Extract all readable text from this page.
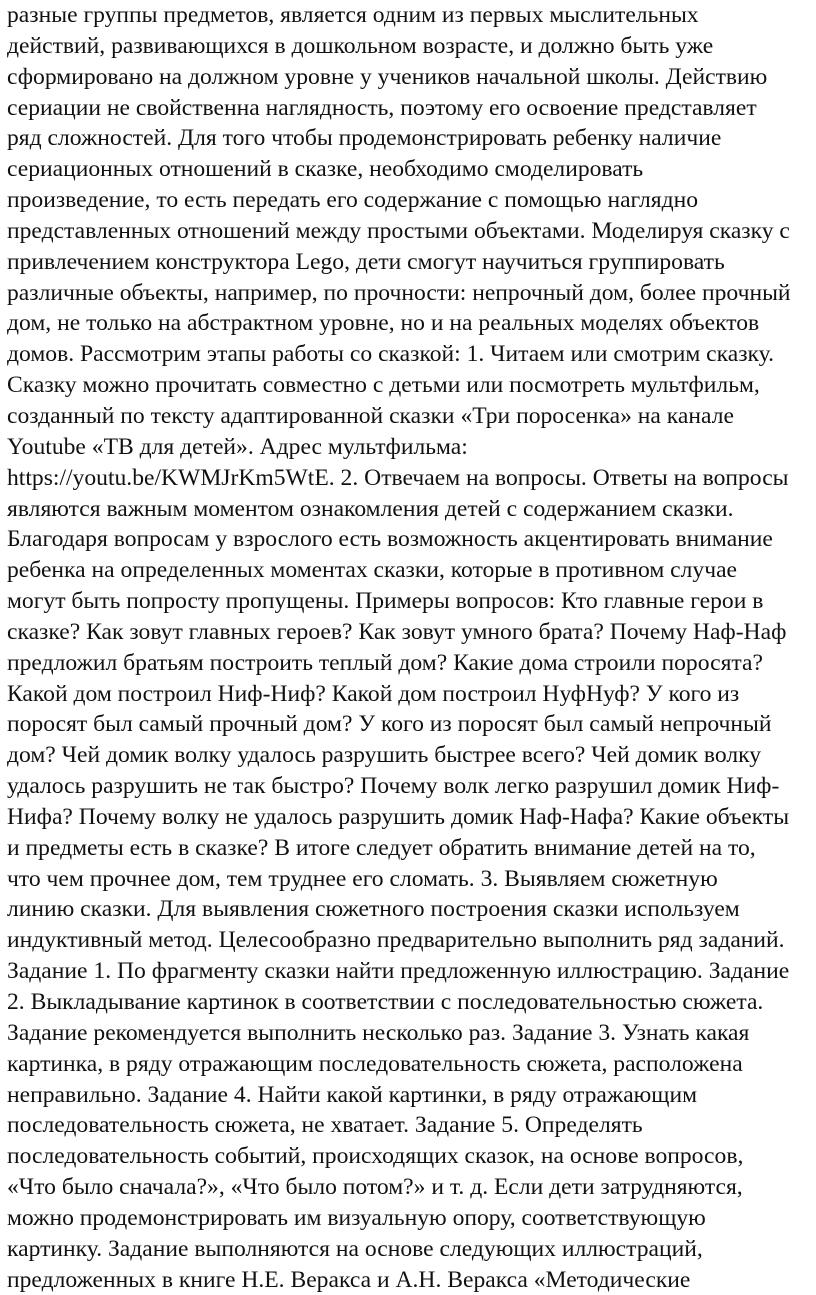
разные группы предметов, является одним из первых мыслительных
действий, развивающихся в дошкольном возрасте, и должно быть уже
сформировано на должном уровне у учеников начальной школы. Действию
сериации не свойственна наглядность, поэтому его освоение представляет
ряд сложностей. Для того чтобы продемонстрировать ребенку наличие
сериационных отношений в сказке, необходимо смоделировать
произведение, то есть передать его содержание с помощью наглядно
представленных отношений между простыми объектами. Моделируя сказку с
привлечением конструктора Lego, дети смогут научиться группировать
различные объекты, например, по прочности: непрочный дом, более прочный
дом, не только на абстрактном уровне, но и на реальных моделях объектов
домов. Рассмотрим этапы работы со сказкой: 1. Читаем или смотрим сказку.
Сказку можно прочитать совместно с детьми или посмотреть мультфильм,
созданный по тексту адаптированной сказки «Три поросенка» на канале
Youtube «ТВ для детей». Адрес мультфильма:
https://youtu.be/KWMJrKm5WtE. 2. Отвечаем на вопросы. Ответы на вопросы
являются важным моментом ознакомления детей с содержанием сказки.
Благодаря вопросам у взрослого есть возможность акцентировать внимание
ребенка на определенных моментах сказки, которые в противном случае
могут быть попросту пропущены. Примеры вопросов: Кто главные герои в
сказке? Как зовут главных героев? Как зовут умного брата? Почему Наф-Наф
предложил братьям построить теплый дом? Какие дома строили поросята?
Какой дом построил Ниф-Ниф? Какой дом построил НуфНуф? У кого из
поросят был самый прочный дом? У кого из поросят был самый непрочный
дом? Чей домик волку удалось разрушить быстрее всего? Чей домик волку
удалось разрушить не так быстро? Почему волк легко разрушил домик Ниф-
Нифа? Почему волку не удалось разрушить домик Наф-Нафа? Какие объекты
и предметы есть в сказке? В итоге следует обратить внимание детей на то,
что чем прочнее дом, тем труднее его сломать. 3. Выявляем сюжетную
линию сказки. Для выявления сюжетного построения сказки используем
индуктивный метод. Целесообразно предварительно выполнить ряд заданий.
Задание 1. По фрагменту сказки найти предложенную иллюстрацию. Задание
2. Выкладывание картинок в соответствии с последовательностью сюжета.
Задание рекомендуется выполнить несколько раз. Задание 3. Узнать какая
картинка, в ряду отражающим последовательность сюжета, расположена
неправильно. Задание 4. Найти какой картинки, в ряду отражающим
последовательность сюжета, не хватает. Задание 5. Определять
последовательность событий, происходящих сказок, на основе вопросов,
«Что было сначала?», «Что было потом?» и т. д. Если дети затрудняются,
можно продемонстрировать им визуальную опору, соответствующую
картинку. Задание выполняются на основе следующих иллюстраций,
предложенных в книге Н.Е. Веракса и А.Н. Веракса «Методические
